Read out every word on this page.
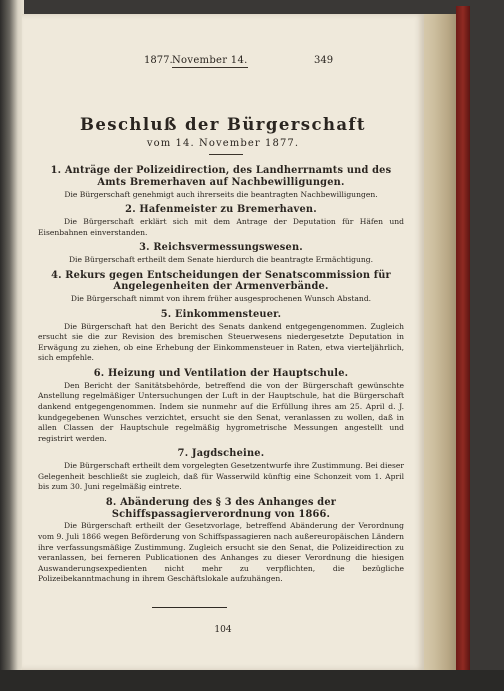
1877. November 14.	349
Beschluß der Bürgerschaft
vom 14. November 1877.
1. Anträge der Polizeidirection, des Landherrnamts und des Amts Bremerhaven auf Nachbewilligungen.
Die Bürgerschaft genehmigt auch ihrerseits die beantragten Nachbewilligungen.
2. Hafenmeister zu Bremerhaven.
Die Bürgerschaft erklärt sich mit dem Antrage der Deputation für Häfen und Eisenbahnen einverstanden.
3. Reichsvermessungswesen.
Die Bürgerschaft ertheilt dem Senate hierdurch die beantragte Ermächtigung.
4. Rekurs gegen Entscheidungen der Senatscommission für Angelegenheiten der Armenverbände.
Die Bürgerschaft nimmt von ihrem früher ausgesprochenen Wunsch Abstand.
5. Einkommensteuer.
Die Bürgerschaft hat den Bericht des Senats dankend entgegengenommen. Zugleich ersucht sie die zur Revision des bremischen Steuerwesens niedergesetzte Deputation in Erwägung zu ziehen, ob eine Erhebung der Einkommensteuer in Raten, etwa vierteljährlich, sich empfehle.
6. Heizung und Ventilation der Hauptschule.
Den Bericht der Sanitätsbehörde, betreffend die von der Bürgerschaft gewünschte Anstellung regelmäßiger Untersuchungen der Luft in der Hauptschule, hat die Bürgerschaft dankend entgegengenommen. Indem sie nunmehr auf die Erfüllung ihres am 25. April d. J. kundgegebenen Wunsches verzichtet, ersucht sie den Senat, veranlassen zu wollen, daß in allen Classen der Hauptschule regelmäßig hygrometrische Messungen angestellt und registrirt werden.
7. Jagdscheine.
Die Bürgerschaft ertheilt dem vorgelegten Gesetzentwurfe ihre Zustimmung. Bei dieser Gelegenheit beschließt sie zugleich, daß für Wasserwild künftig eine Schonzeit vom 1. April bis zum 30. Juni regelmäßig eintrete.
8. Abänderung des § 3 des Anhanges der Schiffspassagierverordnung von 1866.
Die Bürgerschaft ertheilt der Gesetzvorlage, betreffend Abänderung der Verordnung vom 9. Juli 1866 wegen Beförderung von Schiffspassagieren nach außereuropäischen Ländern ihre verfassungsmäßige Zustimmung. Zugleich ersucht sie den Senat, die Polizeidirection zu veranlassen, bei ferneren Publicationen des Anhanges zu dieser Verordnung die hiesigen Auswanderungsexpedienten nicht mehr zu verpflichten, die bezügliche Polizeibekanntmachung in ihrem Geschäftslokale aufzuhängen.
104
